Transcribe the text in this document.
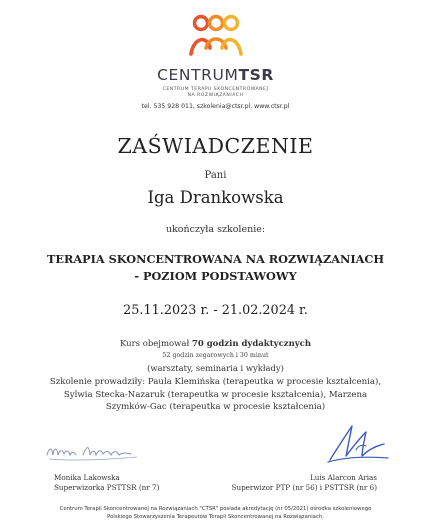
CENTRUMTSR
CENTRUM TERAPII SKONCENTROWANEJ
NA ROZWIĄZANIACH
tel. 535 928 011, szkolenia@ctsr.pl, www.ctsr.pl
ZAŚWIADCZENIE
Pani
Iga Drankowska
ukończyła szkolenie:
TERAPIA SKONCENTROWANA NA ROZWIĄZANIACH
- POZIOM PODSTAWOWY
25.11.2023 r. - 21.02.2024 r.
Kurs obejmował 70 godzin dydaktycznych
52 godzin zegarowych i 30 minut
(warsztaty, seminaria i wykłady)
Szkolenie prowadziły: Paula Klemińska (terapeutka w procesie kształcenia),
Sylwia Stecka-Nazaruk (terapeutka w procesie kształcenia), Marzena
Szymków-Gac (terapeutka w procesie kształcenia)
Monika Lakowska
Superwizorka PSTTSR (nr 7)
Luis Alarcon Arias
Superwizor PTP (nr 56) i PSTTSR (nr 6)
Centrum Terapii Skoncentrowanej na Rozwiązaniach "CTSR" posiada akredytację (nr 05/2021) ośrodka szkoleniowego
Polskiego Stowarzyszenia Terapeutów Terapii Skoncentrowanej na Rozwiązaniach.
